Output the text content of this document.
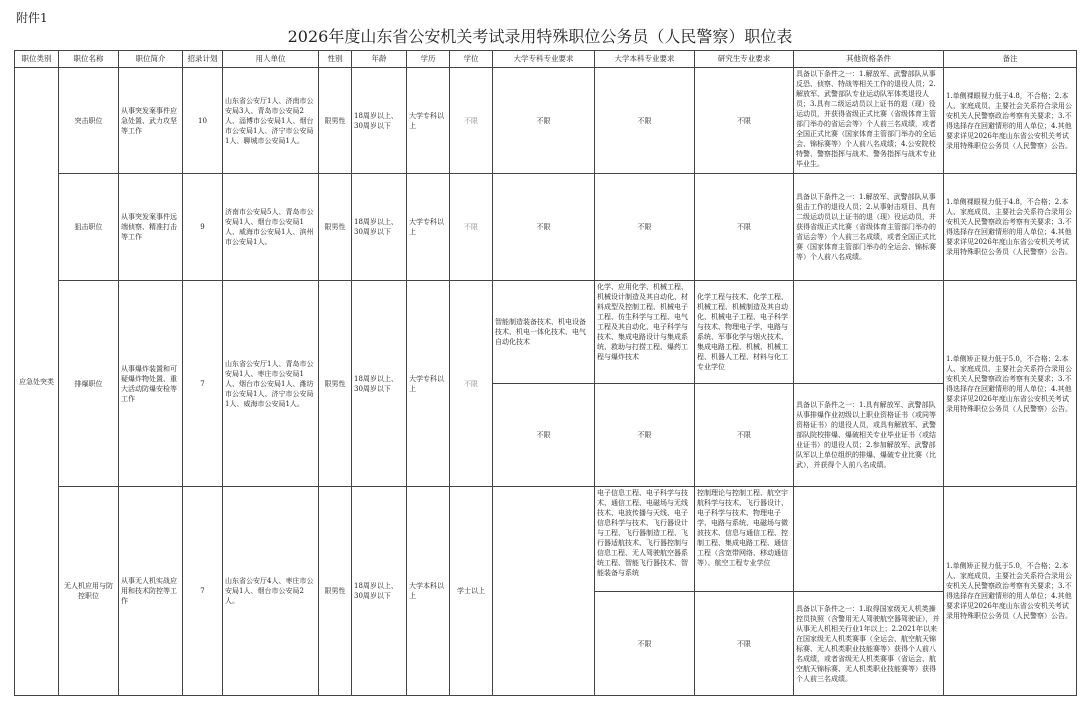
附件1
2026年度山东省公安机关考试录用特殊职位公务员（人民警察）职位表
职位类别	职位名称	职位简介	招录计划	用人单位	性别	年龄	学历	学位	大学专科专业要求	大学本科专业要求	研究生专业要求	其他资格条件	备注
应急处突类	突击职位	从事突发案事件应急处置、武力攻坚等工作	10	山东省公安厅1人、济南市公安局3人、青岛市公安局2人、淄博市公安局1人、烟台市公安局1人、济宁市公安局1人、聊城市公安局1人。	限男性	18周岁以上、30周岁以下	大学专科以上	不限	不限	不限	不限	具备以下条件之一：1.解放军、武警部队从事反恐、侦察、特战等相关工作的退役人员；2.解放军、武警部队专业运动队军体类退役人员；3.具有二级运动员以上证书的退（现）役运动员，并获得省级正式比赛（省级体育主管部门举办的省运会等）个人前三名成绩，或者全国正式比赛（国家体育主管部门举办的全运会、锦标赛等）个人前八名成绩；4.公安院校特警、警察指挥与战术、警务指挥与战术专业毕业生。	1.单侧裸眼视力低于4.8，不合格；2.本人、家庭成员、主要社会关系符合录用公安机关人民警察政治考察有关要求；3.不得选择存在回避情形的用人单位；4.其他要求详见2026年度山东省公安机关考试录用特殊职位公务员（人民警察）公告。
	狙击职位	从事突发案事件远端侦察、精准打击等工作	9	济南市公安局5人、青岛市公安局1人、烟台市公安局1人、威海市公安局1人、滨州市公安局1人。	限男性	18周岁以上、30周岁以下	大学专科以上	不限	不限	不限	不限	具备以下条件之一：1.解放军、武警部队从事狙击工作的退役人员；2.从事射击项目、具有二级运动员以上证书的退（现）役运动员，并获得省级正式比赛（省级体育主管部门举办的省运会等）个人前三名成绩，或者全国正式比赛（国家体育主管部门举办的全运会、锦标赛等）个人前八名成绩。	1.单侧裸眼视力低于4.8，不合格；2.本人、家庭成员、主要社会关系符合录用公安机关人民警察政治考察有关要求；3.不得选择存在回避情形的用人单位；4.其他要求详见2026年度山东省公安机关考试录用特殊职位公务员（人民警察）公告。
	排爆职位	从事爆炸装置和可疑爆炸物处置、重大活动防爆安检等工作	7	山东省公安厅1人、青岛市公安局1人、枣庄市公安局1人、烟台市公安局1人、潍坊市公安局1人、济宁市公安局1人、威海市公安局1人。	限男性	18周岁以上、30周岁以下	大学专科以上	不限	智能制造装备技术、机电设备技术、机电一体化技术、电气自动化技术	化学、应用化学、机械工程、机械设计制造及其自动化、材料成型及控制工程、机械电子工程、仿生科学与工程、电气工程及其自动化、电子科学与技术、集成电路设计与集成系统、救助与打捞工程、爆药工程与爆炸技术	化学工程与技术、化学工程、机械工程、机械制造及其自动化、机械电子工程、电子科学与技术、物理电子学、电路与系统、军事化学与烟火技术、集成电路工程、机械、机械工程、机器人工程、材料与化工专业学位		1.单侧矫正视力低于5.0，不合格；2.本人、家庭成员、主要社会关系符合录用公安机关人民警察政治考察有关要求；3.不得选择存在回避情形的用人单位；4.其他要求详见2026年度山东省公安机关考试录用特殊职位公务员（人民警察）公告。
									不限	不限	不限	具备以下条件之一：1.具有解放军、武警部队从事排爆作业初级以上职业资格证书（或同等资格证书）的退役人员，或具有解放军、武警部队院校排爆、爆破相关专业毕业证书（或结业证书）的退役人员；2.参加解放军、武警部队军以上单位组织的排爆、爆破专业比赛（比武），并获得个人前八名成绩。	
	无人机应用与防控职位	从事无人机实战应用和技术防控等工作	7	山东省公安厅4人、枣庄市公安局1人、烟台市公安局2人。	限男性	18周岁以上、30周岁以下	大学本科以上	学士以上		电子信息工程、电子科学与技术、通信工程、电磁场与无线技术、电波传播与天线、电子信息科学与技术、飞行器设计与工程、飞行器制造工程、飞行器适航技术、飞行器控制与信息工程、无人驾驶航空器系统工程、智能飞行器技术、智能装备与系统	控制理论与控制工程、航空宇航科学与技术、飞行器设计、电子科学与技术、物理电子学、电路与系统、电磁场与微波技术、信息与通信工程、控制工程、集成电路工程、通信工程（含宽带网络、移动通信等）、航空工程专业学位		1.单侧矫正视力低于5.0，不合格；2.本人、家庭成员、主要社会关系符合录用公安机关人民警察政治考察有关要求；3.不得选择存在回避情形的用人单位；4.其他要求详见2026年度山东省公安机关考试录用特殊职位公务员（人民警察）公告。
										不限	不限	具备以下条件之一：1.取得国家级无人机类操控员执照（含警用无人驾驶航空器驾驶证），并从事无人机相关行业1年以上；2.2021年以来在国家级无人机类赛事（全运会、航空航天锦标赛、无人机类职业技能赛等）获得个人前八名成绩，或者省级无人机类赛事（省运会、航空航天锦标赛、无人机类职业技能赛等）获得个人前三名成绩。	
